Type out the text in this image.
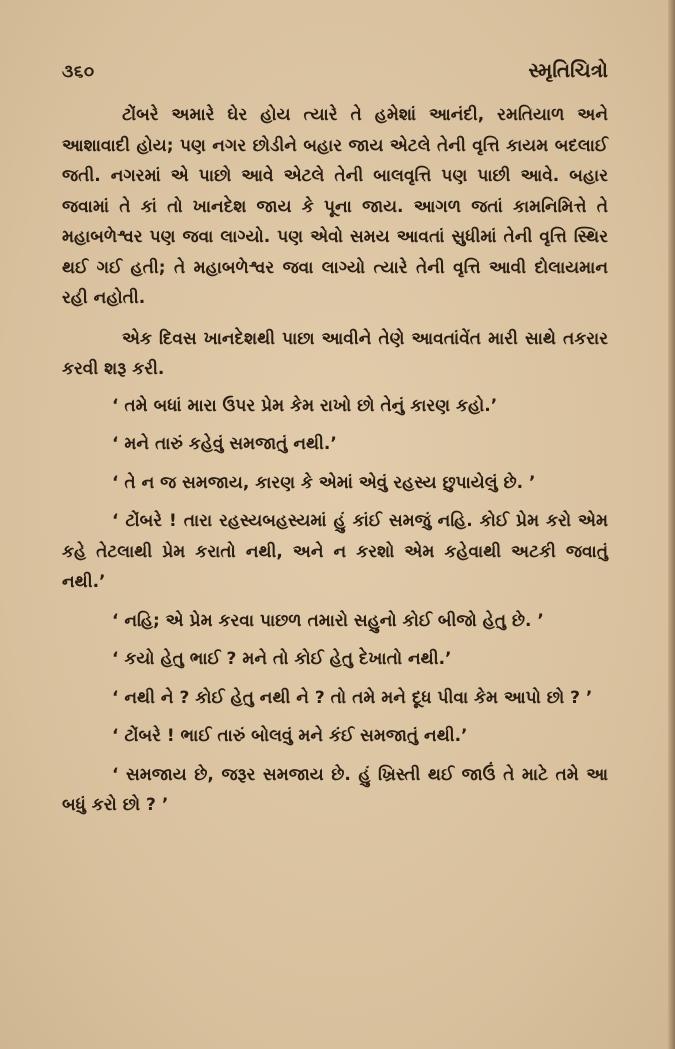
૩૬૦	સ્મૃતિચિત્રો

ટોંબરે અમારે ઘેર હોય ત્યારે તે હમેશાં આનંદી, રમતિયાળ અને આશાવાદી હોય; પણ નગર છોડીને બહાર જાય એટલે તેની વૃત્તિ કાયમ બદલાઈ જતી. નગરમાં એ પાછો આવે એટલે તેની બાલવૃત્તિ પણ પાછી આવે. બહાર જવામાં તે કાં તો ખાનદેશ જાય કે પૂના જાય. આગળ જતાં કામનિમિત્તે તે મહાબળેશ્વર પણ જવા લાગ્યો. પણ એવો સમય આવતાં સુધીમાં તેની વૃત્તિ સ્થિર થઈ ગઈ હતી; તે મહાબળેશ્વર જવા લાગ્યો ત્યારે તેની વૃત્તિ આવી દોલાયમાન રહી નહોતી.

એક દિવસ ખાનદેશથી પાછા આવીને તેણે આવતાંવેંત મારી સાથે તકરાર કરવી શરૂ કરી.

‘ તમે બધાં મારા ઉપર પ્રેમ કેમ રાખો છો તેનું કારણ કહો.’

‘ મને તારું કહેવું સમજાતું નથી.’

‘ તે ન જ સમજાય, કારણ કે એમાં એવું રહસ્ય છુપાયેલું છે. ’

‘ ટોંબરે ! તારા રહસ્યબહસ્યમાં હું કાંઈ સમજું નહિ. કોઈ પ્રેમ કરો એમ કહે તેટલાથી પ્રેમ કરાતો નથી, અને ન કરશો એમ કહેવાથી અટકી જવાતું નથી.’

‘ નહિ; એ પ્રેમ કરવા પાછળ તમારો સહુનો કોઈ બીજો હેતુ છે. ’

‘ કયો હેતુ ભાઈ ? મને તો કોઈ હેતુ દેખાતો નથી.’

‘ નથી ને ? કોઈ હેતુ નથી ને ? તો તમે મને દૂધ પીવા કેમ આપો છો ? ’

‘ ટોંબરે ! ભાઈ તારું બોલવું મને કંઈ સમજાતું નથી.’

‘ સમજાય છે, જરૂર સમજાય છે. હું ખ્રિસ્તી થઈ જાઉં તે માટે તમે આ બધું કરો છો ? ’
